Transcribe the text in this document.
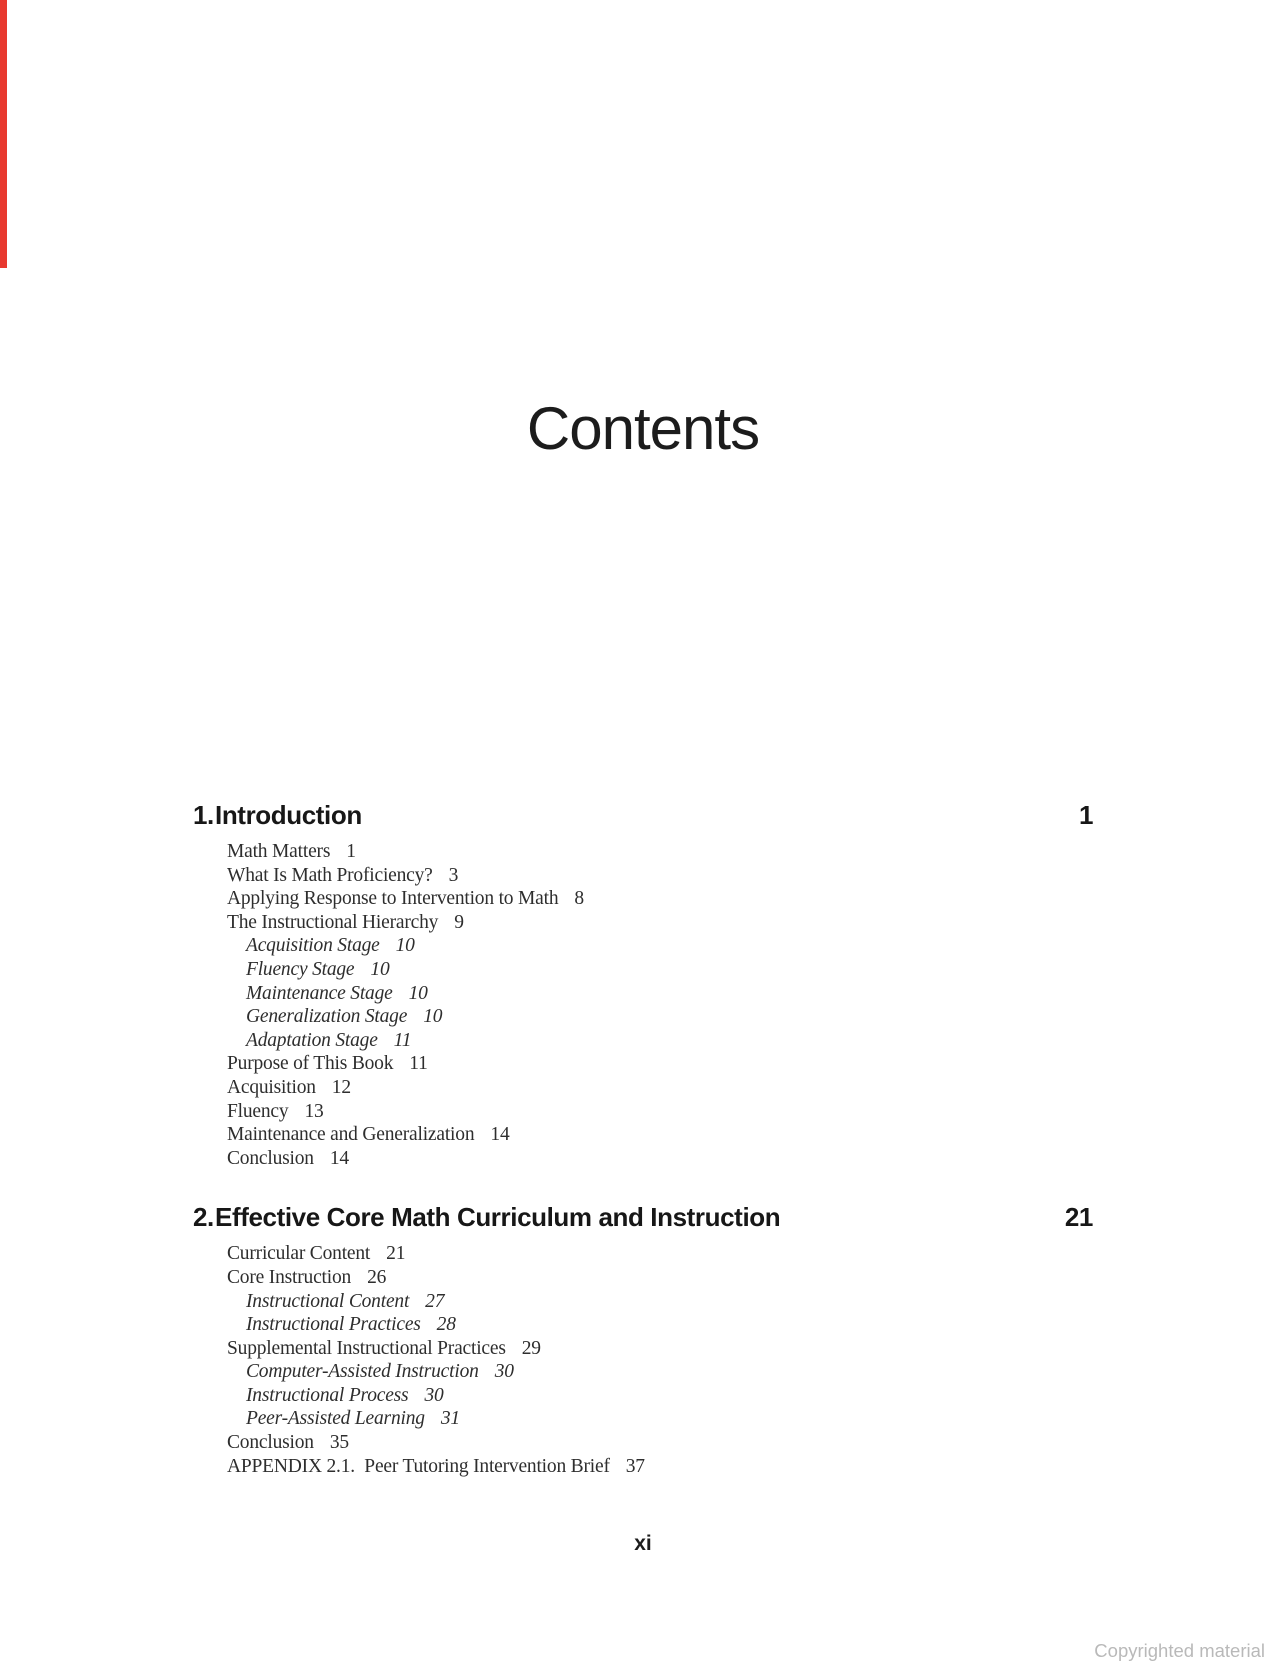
Contents
1. Introduction	1
Math Matters 1
What Is Math Proficiency? 3
Applying Response to Intervention to Math 8
The Instructional Hierarchy 9
Acquisition Stage 10
Fluency Stage 10
Maintenance Stage 10
Generalization Stage 10
Adaptation Stage 11
Purpose of This Book 11
Acquisition 12
Fluency 13
Maintenance and Generalization 14
Conclusion 14
2. Effective Core Math Curriculum and Instruction	21
Curricular Content 21
Core Instruction 26
Instructional Content 27
Instructional Practices 28
Supplemental Instructional Practices 29
Computer-Assisted Instruction 30
Instructional Process 30
Peer-Assisted Learning 31
Conclusion 35
APPENDIX 2.1.  Peer Tutoring Intervention Brief 37
xi
Copyrighted material
